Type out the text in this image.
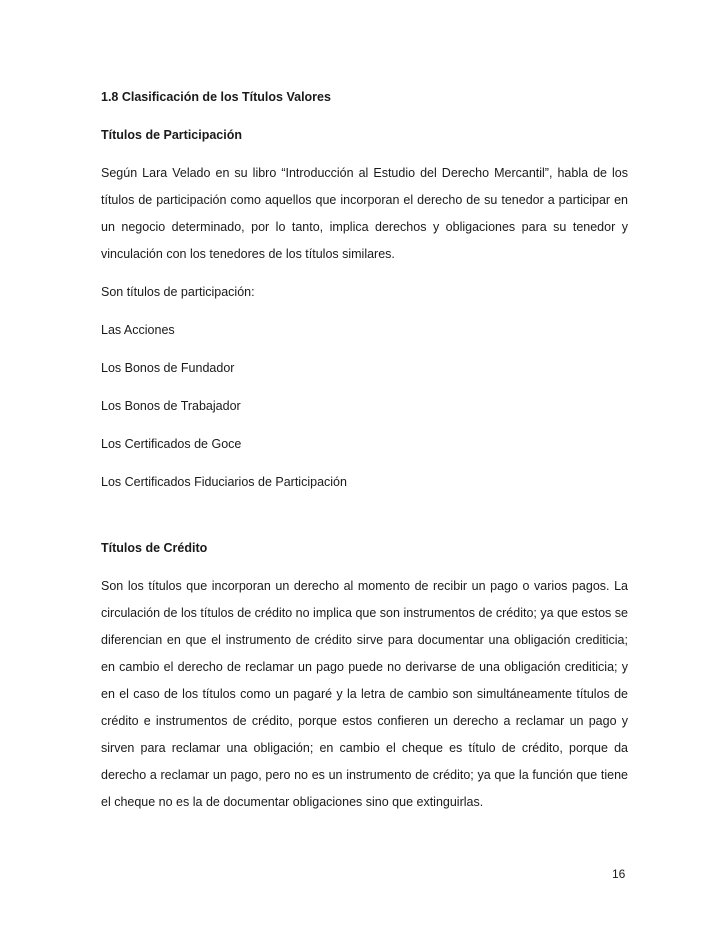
1.8 Clasificación de los Títulos Valores

Títulos de Participación

Según Lara Velado en su libro “Introducción al Estudio del Derecho Mercantil”, habla de los títulos de participación como aquellos que incorporan el derecho de su tenedor a participar en un negocio determinado, por lo tanto, implica derechos y obligaciones para su tenedor y vinculación con los tenedores de los títulos similares.

Son títulos de participación:

Las Acciones

Los Bonos de Fundador

Los Bonos de Trabajador

Los Certificados de Goce

Los Certificados Fiduciarios de Participación

Títulos de Crédito

Son los títulos que incorporan un derecho al momento de recibir un pago o varios pagos. La circulación de los títulos de crédito no implica que son instrumentos de crédito; ya que estos se diferencian en que el instrumento de crédito sirve para documentar una obligación crediticia; en cambio el derecho de reclamar un pago puede no derivarse de una obligación crediticia; y en el caso de los títulos como un pagaré y la letra de cambio son simultáneamente títulos de crédito e instrumentos de crédito, porque estos confieren un derecho a reclamar un pago y sirven para reclamar una obligación; en cambio el cheque es título de crédito, porque da derecho a reclamar un pago, pero no es un instrumento de crédito; ya que la función que tiene el cheque no es la de documentar obligaciones sino que extinguirlas.

16
